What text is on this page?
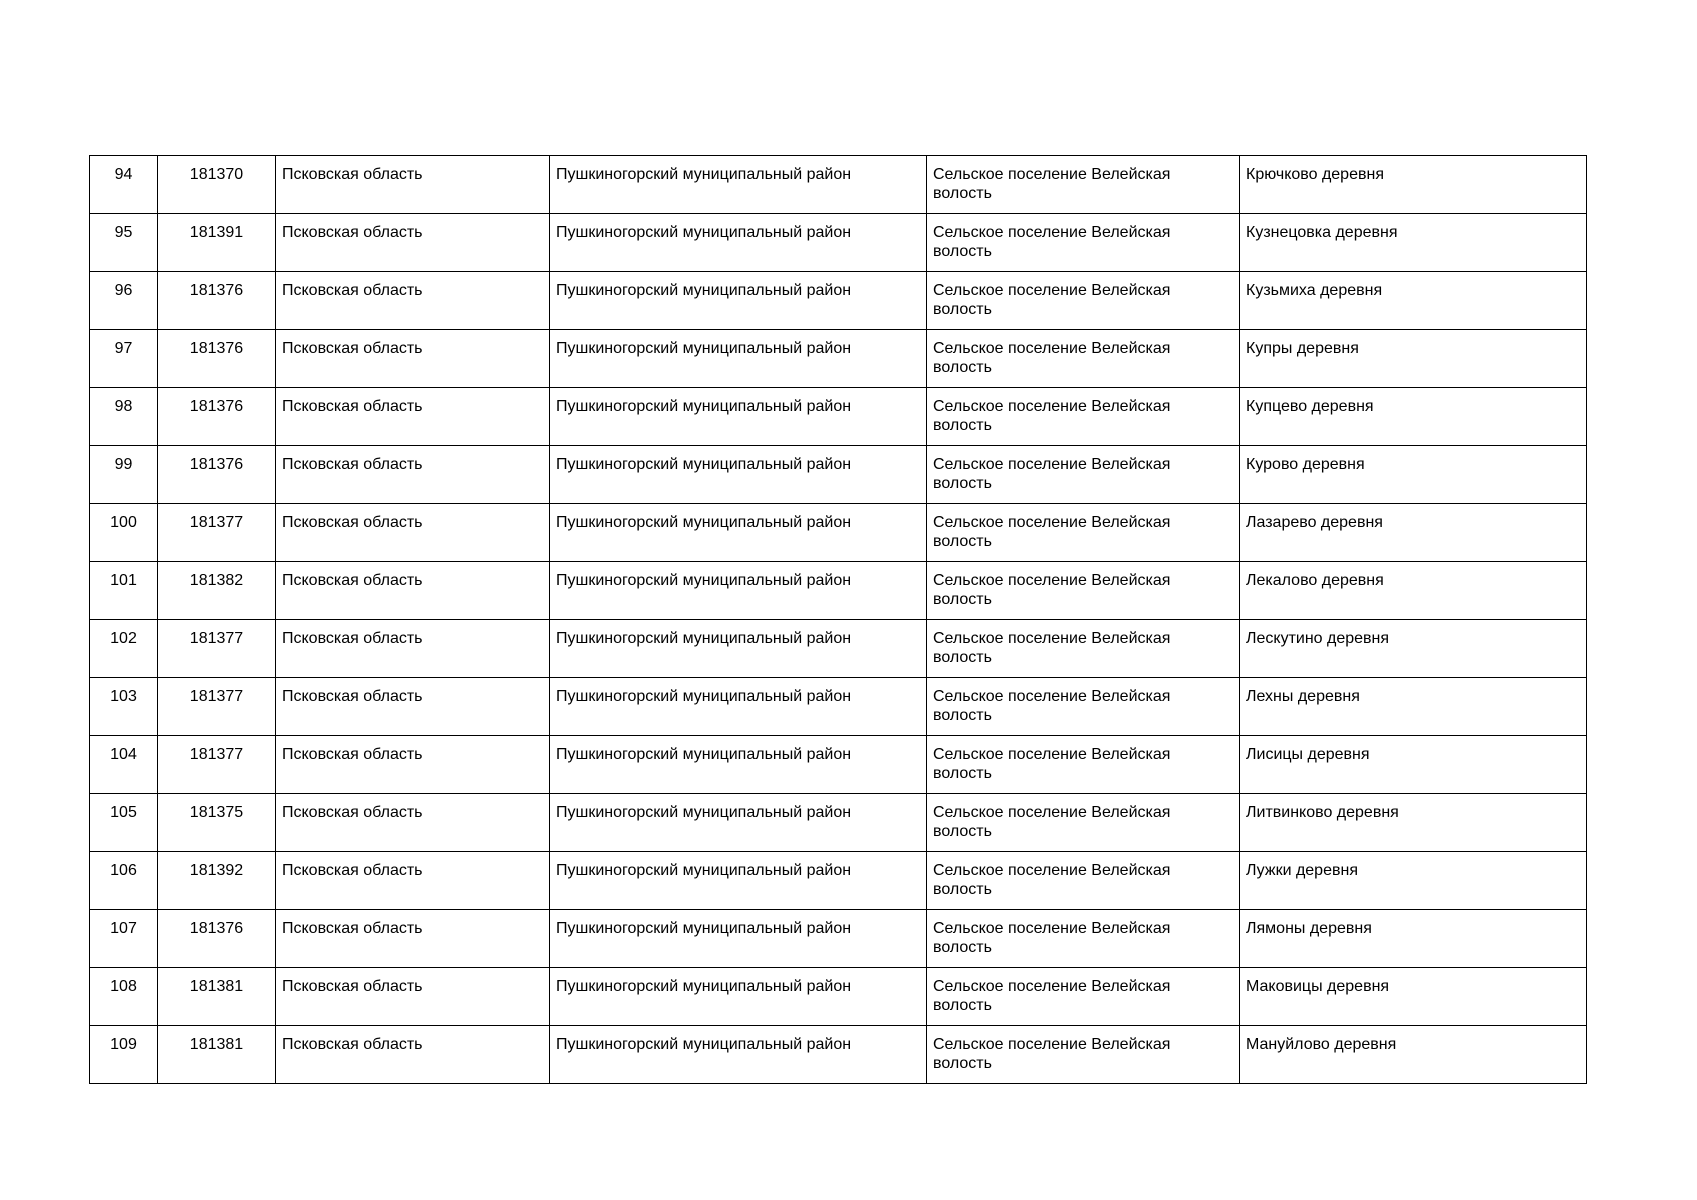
94	181370	Псковская область	Пушкиногорский муниципальный район	Сельское поселение Велейская волость	Крючково деревня
95	181391	Псковская область	Пушкиногорский муниципальный район	Сельское поселение Велейская волость	Кузнецовка деревня
96	181376	Псковская область	Пушкиногорский муниципальный район	Сельское поселение Велейская волость	Кузьмиха деревня
97	181376	Псковская область	Пушкиногорский муниципальный район	Сельское поселение Велейская волость	Купры деревня
98	181376	Псковская область	Пушкиногорский муниципальный район	Сельское поселение Велейская волость	Купцево деревня
99	181376	Псковская область	Пушкиногорский муниципальный район	Сельское поселение Велейская волость	Курово деревня
100	181377	Псковская область	Пушкиногорский муниципальный район	Сельское поселение Велейская волость	Лазарево деревня
101	181382	Псковская область	Пушкиногорский муниципальный район	Сельское поселение Велейская волость	Лекалово деревня
102	181377	Псковская область	Пушкиногорский муниципальный район	Сельское поселение Велейская волость	Лескутино деревня
103	181377	Псковская область	Пушкиногорский муниципальный район	Сельское поселение Велейская волость	Лехны деревня
104	181377	Псковская область	Пушкиногорский муниципальный район	Сельское поселение Велейская волость	Лисицы деревня
105	181375	Псковская область	Пушкиногорский муниципальный район	Сельское поселение Велейская волость	Литвинково деревня
106	181392	Псковская область	Пушкиногорский муниципальный район	Сельское поселение Велейская волость	Лужки деревня
107	181376	Псковская область	Пушкиногорский муниципальный район	Сельское поселение Велейская волость	Лямоны деревня
108	181381	Псковская область	Пушкиногорский муниципальный район	Сельское поселение Велейская волость	Маковицы деревня
109	181381	Псковская область	Пушкиногорский муниципальный район	Сельское поселение Велейская волость	Мануйлово деревня
